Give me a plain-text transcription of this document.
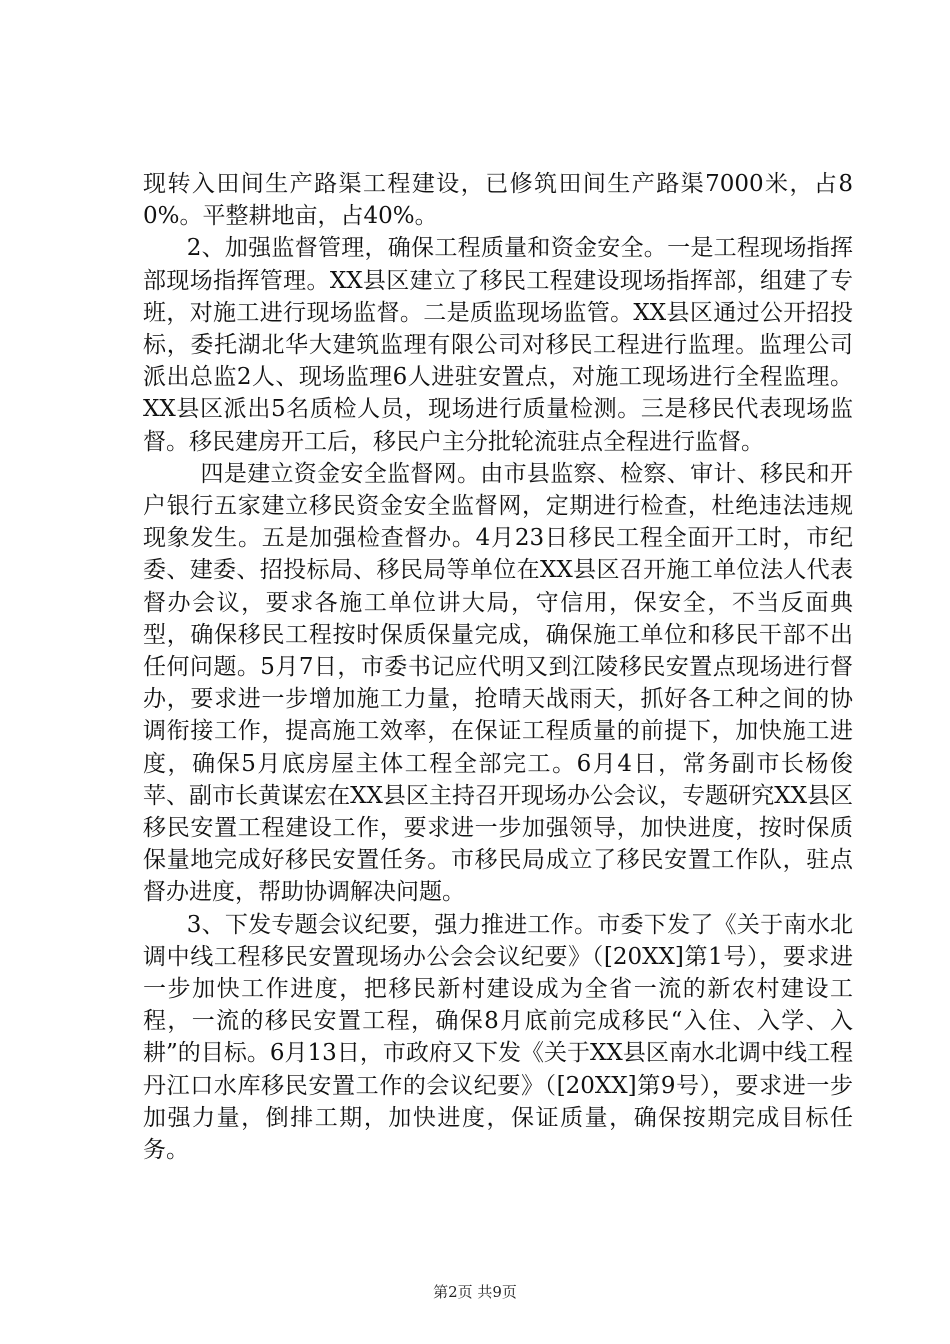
现转入田间生产路渠工程建设，已修筑田间生产路渠7000米，占80%。平整耕地亩，占40%。

2、加强监督管理，确保工程质量和资金安全。一是工程现场指挥部现场指挥管理。XX县区建立了移民工程建设现场指挥部，组建了专班，对施工进行现场监督。二是质监现场监管。XX县区通过公开招投标，委托湖北华大建筑监理有限公司对移民工程进行监理。监理公司派出总监2人、现场监理6人进驻安置点，对施工现场进行全程监理。XX县区派出5名质检人员，现场进行质量检测。三是移民代表现场监督。移民建房开工后，移民户主分批轮流驻点全程进行监督。

四是建立资金安全监督网。由市县监察、检察、审计、移民和开户银行五家建立移民资金安全监督网，定期进行检查，杜绝违法违规现象发生。五是加强检查督办。4月23日移民工程全面开工时，市纪委、建委、招投标局、移民局等单位在XX县区召开施工单位法人代表督办会议，要求各施工单位讲大局，守信用，保安全，不当反面典型，确保移民工程按时保质保量完成，确保施工单位和移民干部不出任何问题。5月7日，市委书记应代明又到江陵移民安置点现场进行督办，要求进一步增加施工力量，抢晴天战雨天，抓好各工种之间的协调衔接工作，提高施工效率，在保证工程质量的前提下，加快施工进度，确保5月底房屋主体工程全部完工。6月4日，常务副市长杨俊苹、副市长黄谋宏在XX县区主持召开现场办公会议，专题研究XX县区移民安置工程建设工作，要求进一步加强领导，加快进度，按时保质保量地完成好移民安置任务。市移民局成立了移民安置工作队，驻点督办进度，帮助协调解决问题。

3、下发专题会议纪要，强力推进工作。市委下发了《关于南水北调中线工程移民安置现场办公会会议纪要》（[20XX]第1号），要求进一步加快工作进度，把移民新村建设成为全省一流的新农村建设工程，一流的移民安置工程，确保8月底前完成移民“入住、入学、入耕”的目标。6月13日，市政府又下发《关于XX县区南水北调中线工程丹江口水库移民安置工作的会议纪要》（[20XX]第9号），要求进一步加强力量，倒排工期，加快进度，保证质量，确保按期完成目标任务。

第2页 共9页
